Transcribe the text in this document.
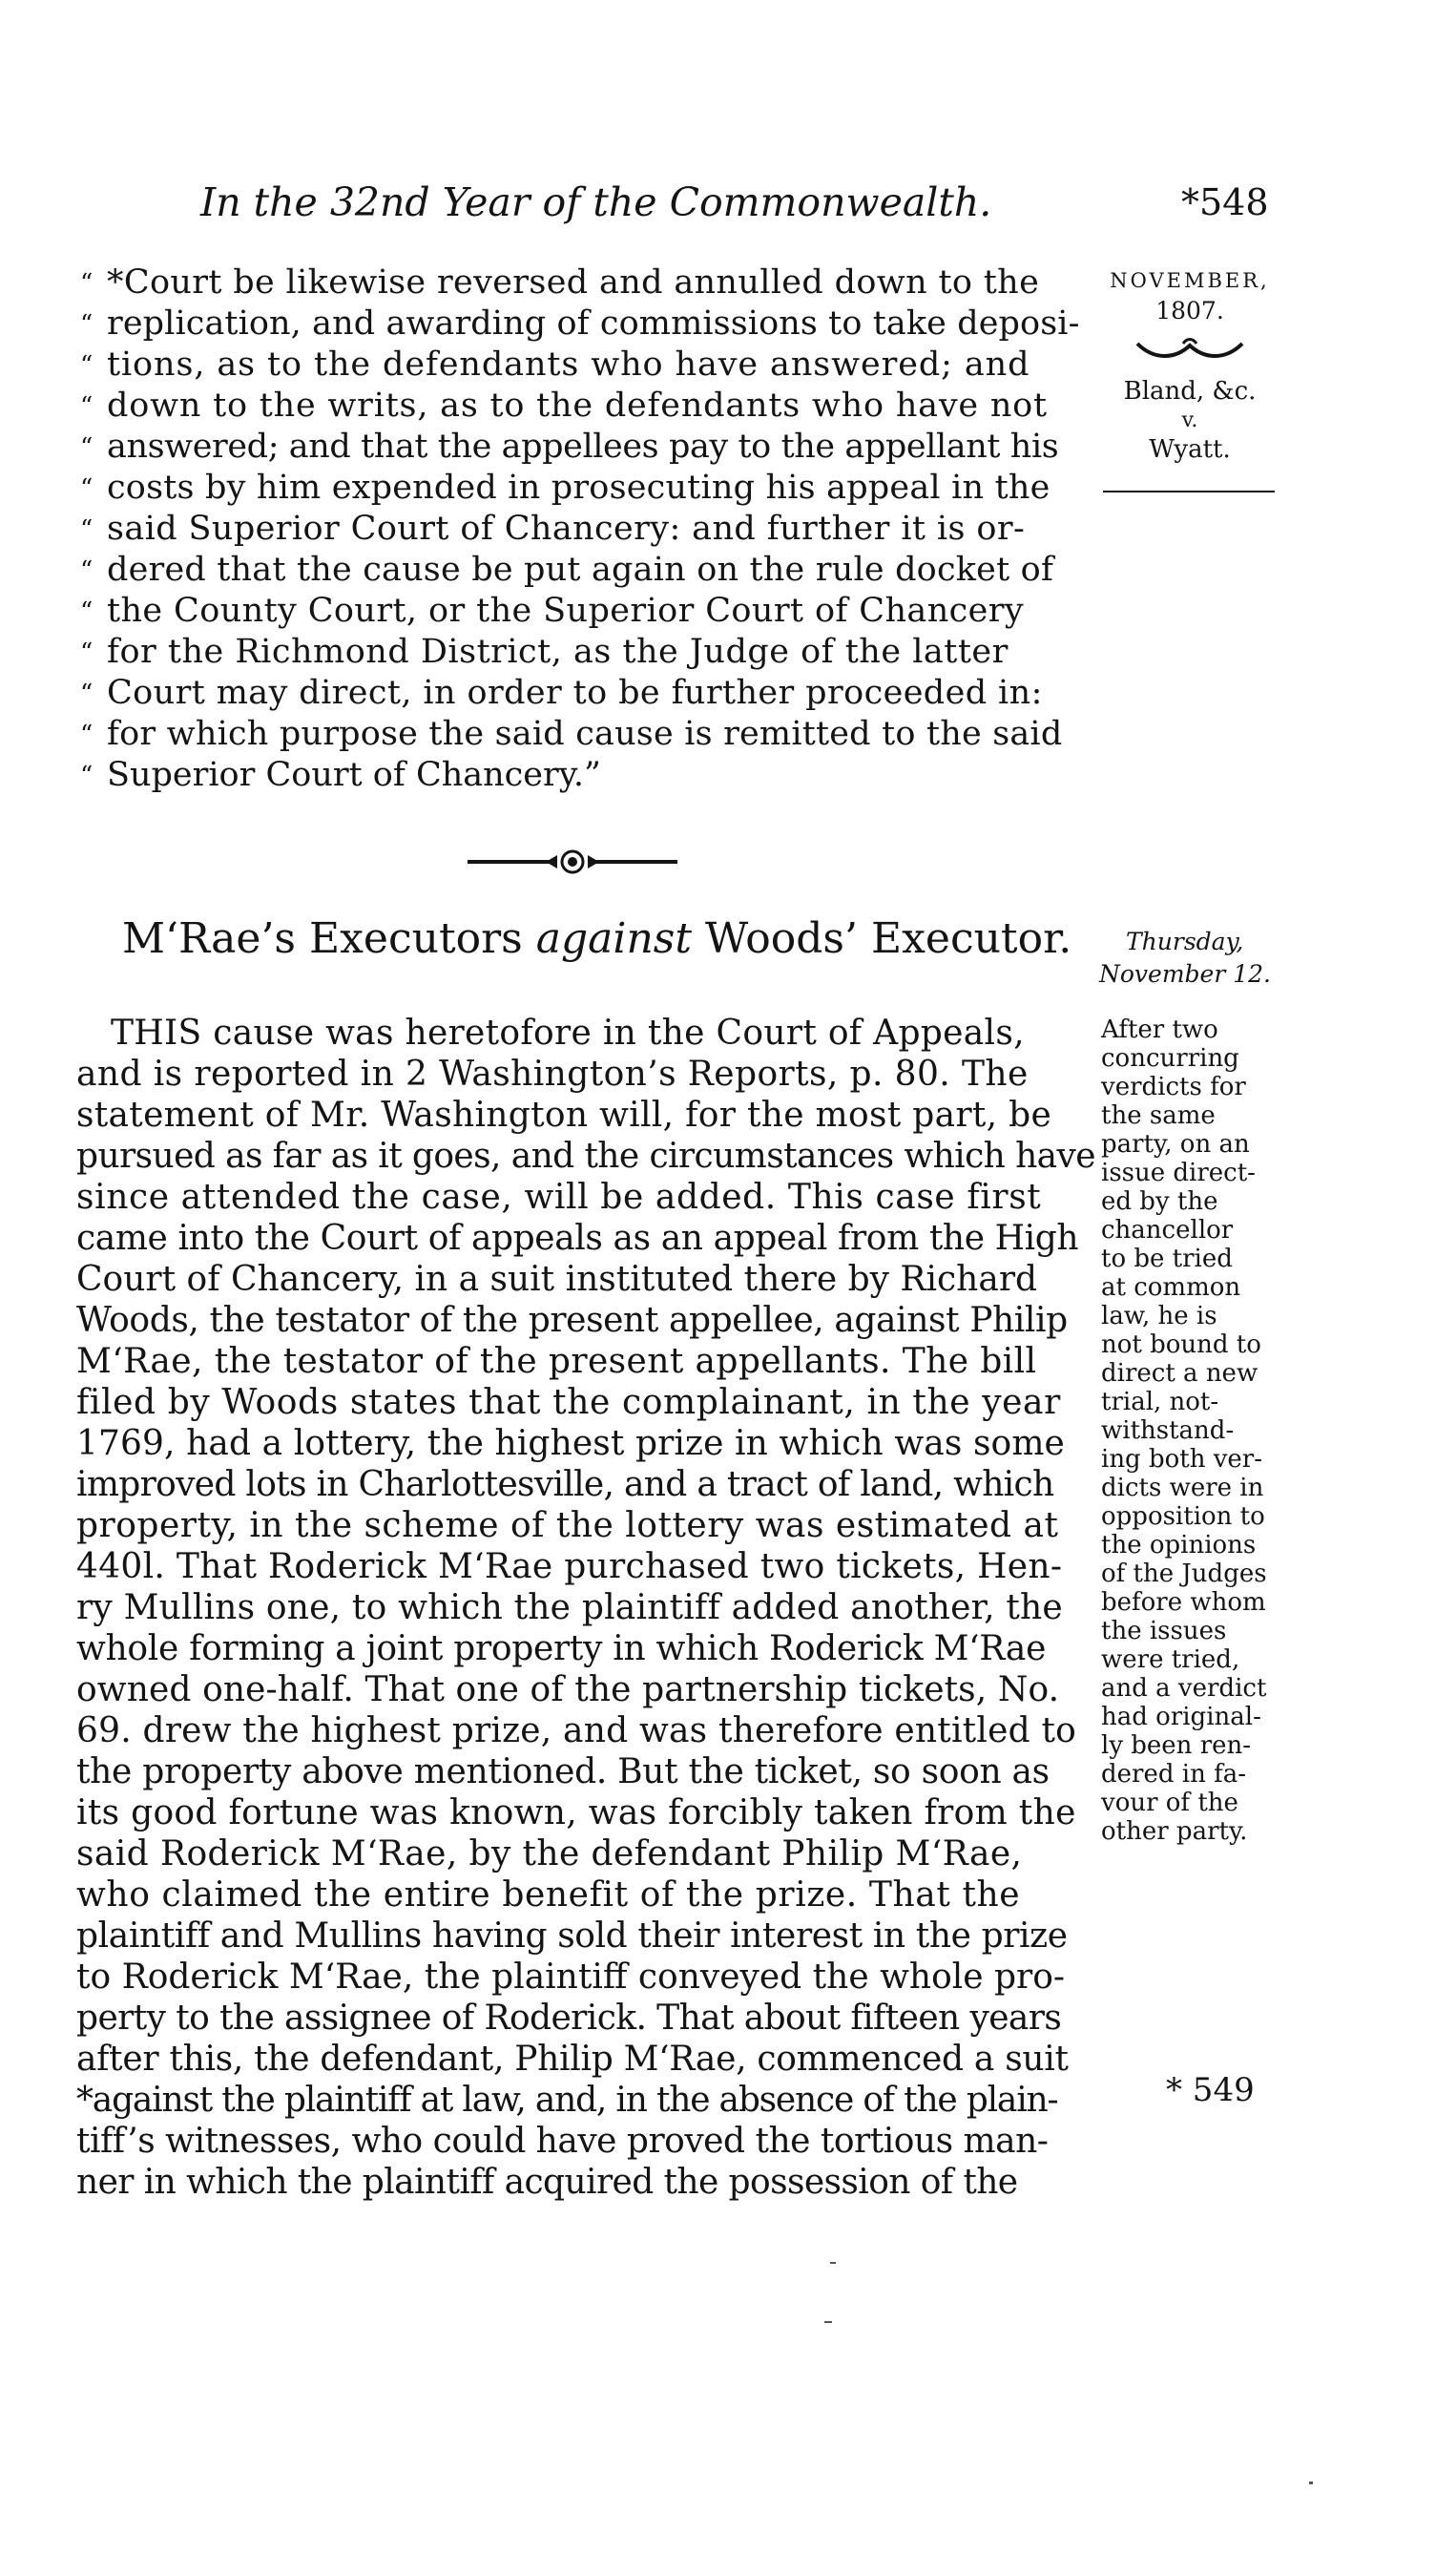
In the 32nd Year of the Commonwealth.	*548
“ *Court be likewise reversed and annulled down to the
“ replication, and awarding of commissions to take deposi-
“ tions, as to the defendants who have answered; and
“ down to the writs, as to the defendants who have not
“ answered; and that the appellees pay to the appellant his
“ costs by him expended in prosecuting his appeal in the
“ said Superior Court of Chancery: and further it is or-
“ dered that the cause be put again on the rule docket of
“ the County Court, or the Superior Court of Chancery
“ for the Richmond District, as the Judge of the latter
“ Court may direct, in order to be further proceeded in:
“ for which purpose the said cause is remitted to the said
“ Superior Court of Chancery.”
NOVEMBER,
1807.
Bland, &c.
v.
Wyatt.
M‘Rae’s Executors against Woods’ Executor. Thursday,
November 12.
THIS cause was heretofore in the Court of Appeals,
and is reported in 2 Washington’s Reports, p. 80. The
statement of Mr. Washington will, for the most part, be
pursued as far as it goes, and the circumstances which have
since attended the case, will be added. This case first
came into the Court of appeals as an appeal from the High
Court of Chancery, in a suit instituted there by Richard
Woods, the testator of the present appellee, against Philip
M‘Rae, the testator of the present appellants. The bill
filed by Woods states that the complainant, in the year
1769, had a lottery, the highest prize in which was some
improved lots in Charlottesville, and a tract of land, which
property, in the scheme of the lottery was estimated at
440l. That Roderick M‘Rae purchased two tickets, Hen-
ry Mullins one, to which the plaintiff added another, the
whole forming a joint property in which Roderick M‘Rae
owned one-half. That one of the partnership tickets, No.
69. drew the highest prize, and was therefore entitled to
the property above mentioned. But the ticket, so soon as
its good fortune was known, was forcibly taken from the
said Roderick M‘Rae, by the defendant Philip M‘Rae,
who claimed the entire benefit of the prize. That the
plaintiff and Mullins having sold their interest in the prize
to Roderick M‘Rae, the plaintiff conveyed the whole pro-
perty to the assignee of Roderick. That about fifteen years
after this, the defendant, Philip M‘Rae, commenced a suit
*against the plaintiff at law, and, in the absence of the plain-
tiff’s witnesses, who could have proved the tortious man-
ner in which the plaintiff acquired the possession of the
After two
concurring
verdicts for
the same
party, on an
issue direct-
ed by the
chancellor
to be tried
at common
law, he is
not bound to
direct a new
trial, not-
withstand-
ing both ver-
dicts were in
opposition to
the opinions
of the Judges
before whom
the issues
were tried,
and a verdict
had original-
ly been ren-
dered in fa-
vour of the
other party.
* 549
